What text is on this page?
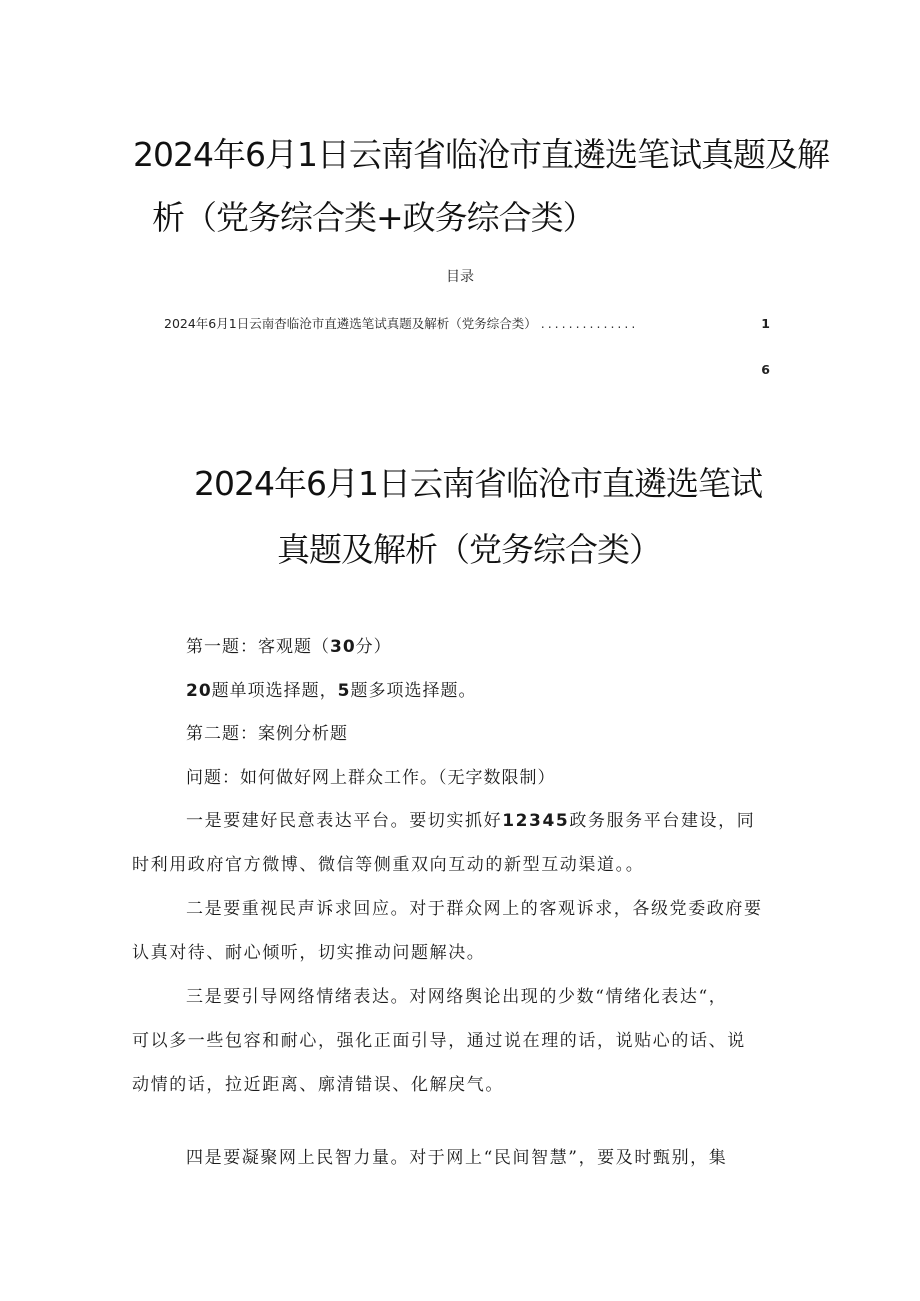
2024年6月1日云南省临沧市直遴选笔试真题及解
析（党务综合类+政务综合类）
目录
2024年6月1日云南杳临沧市直遴选笔试真题及解析（党务综合类） ..............	1
6
2024年6月1日云南省临沧市直遴选笔试
真题及解析（党务综合类）
第一题：客观题（30分）
20题单项选择题，5题多项选择题。
第二题：案例分析题
问题：如何做好网上群众工作。（无字数限制）
一是要建好民意表达平台。要切实抓好12345政务服务平台建设，同
时利用政府官方微博、微信等侧重双向互动的新型互动渠道。。
二是要重视民声诉求回应。对于群众网上的客观诉求，各级党委政府要
认真对待、耐心倾听，切实推动问题解决。
三是要引导网络情绪表达。对网络舆论出现的少数“情绪化表达“，
可以多一些包容和耐心，强化正面引导，通过说在理的话，说贴心的话、说
动情的话，拉近距离、廓清错误、化解戾气。
四是要凝聚网上民智力量。对于网上“民间智慧”，要及时甄别，集
